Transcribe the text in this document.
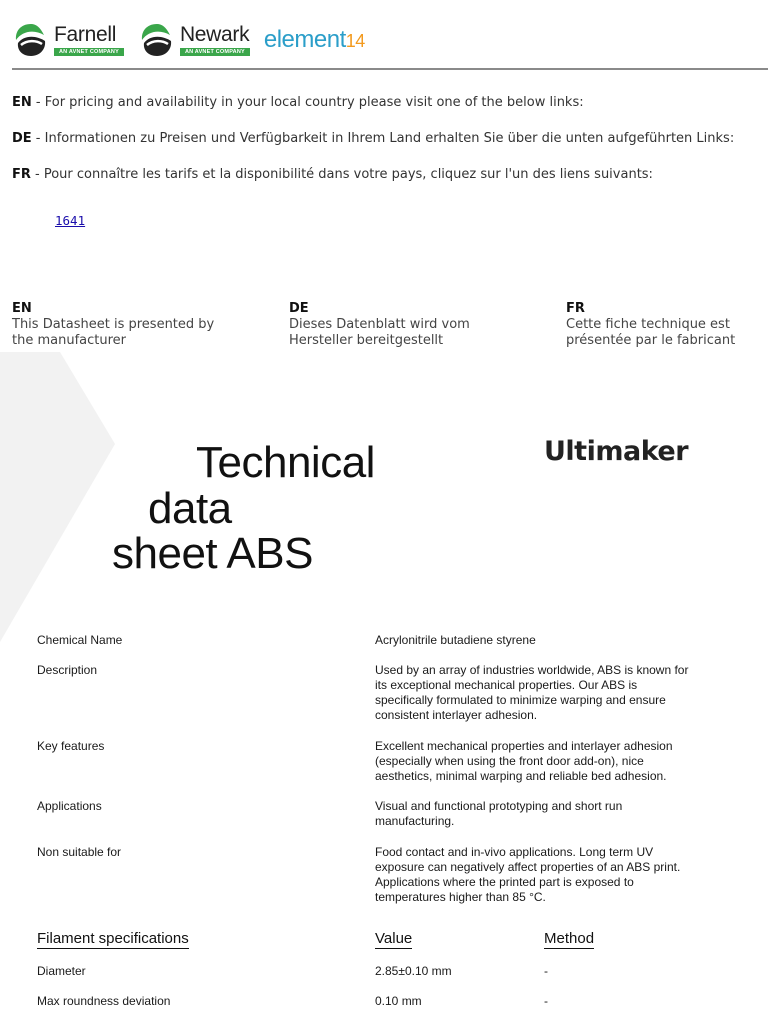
Farnell
AN AVNET COMPANY
Newark
AN AVNET COMPANY element14
EN - For pricing and availability in your local country please visit one of the below links:
DE - Informationen zu Preisen und Verfügbarkeit in Ihrem Land erhalten Sie über die unten aufgeführten Links:
FR - Pour connaître les tarifs et la disponibilité dans votre pays, cliquez sur l'un des liens suivants:
1641
EN
This Datasheet is presented by
the manufacturer
DE
Dieses Datenblatt wird vom
Hersteller bereitgestellt
FR
Cette fiche technique est
présentée par le fabricant
Technical
data
sheet ABS
Ultimaker
Chemical Name	Acrylonitrile butadiene styrene
Description	Used by an array of industries worldwide, ABS is known for its exceptional mechanical properties. Our ABS is specifically formulated to minimize warping and ensure consistent interlayer adhesion.
Key features	Excellent mechanical properties and interlayer adhesion (especially when using the front door add-on), nice aesthetics, minimal warping and reliable bed adhesion.
Applications	Visual and functional prototyping and short run manufacturing.
Non suitable for	Food contact and in-vivo applications. Long term UV exposure can negatively affect properties of an ABS print. Applications where the printed part is exposed to temperatures higher than 85 °C.
Filament specifications	Value	Method
Diameter	2.85±0.10 mm	-
Max roundness deviation	0.10 mm	-
